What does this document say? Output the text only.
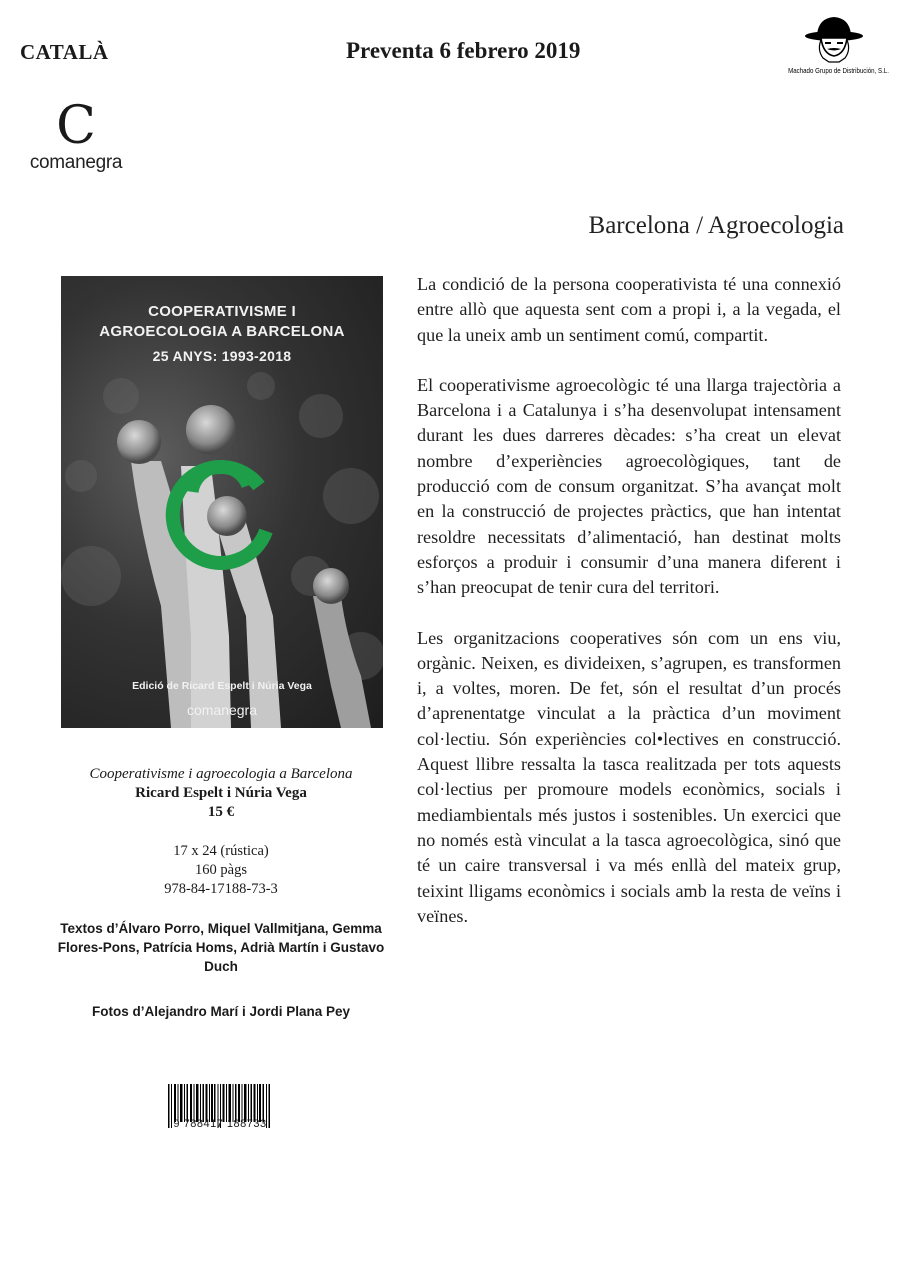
CATALÀ	Preventa 6 febrero 2019
Machado Grupo de Distribución, S.L.
C
comanegra
Barcelona / Agroecologia
COOPERATIVISME I
AGROECOLOGIA A BARCELONA
25 ANYS: 1993-2018
Edició de Ricard Espelt i Núria Vega
comanegra
Cooperativisme i agroecologia a Barcelona
Ricard Espelt i Núria Vega
15 €
17 x 24 (rústica)
160 pàgs
978-84-17188-73-3
Textos d’Álvaro Porro, Miquel Vallmitjana, Gemma Flores-Pons, Patrícia Homs, Adrià Martín i Gustavo Duch
Fotos d’Alejandro Marí i Jordi Plana Pey
9 788417 188733

La condició de la persona cooperativista té una connexió entre allò que aquesta sent com a propi i, a la vegada, el que la uneix amb un sentiment comú, compartit.

El cooperativisme agroecològic té una llarga trajectòria a Barcelona i a Catalunya i s’ha desenvolupat intensament durant les dues darreres dècades: s’ha creat un elevat nombre d’experiències agroecològiques, tant de producció com de consum organitzat. S’ha avançat molt en la construcció de projectes pràctics, que han intentat resoldre necessitats d’alimentació, han destinat molts esforços a produir i consumir d’una manera diferent i s’han preocupat de tenir cura del territori.

Les organitzacions cooperatives són com un ens viu, orgànic. Neixen, es divideixen, s’agrupen, es transformen i, a voltes, moren. De fet, són el resultat d’un procés d’aprenentatge vinculat a la pràctica d’un moviment col·lectiu. Són experiències col•lectives en construcció. Aquest llibre ressalta la tasca realitzada per tots aquests col·lectius per promoure models econòmics, socials i mediambientals més justos i sostenibles. Un exercici que no només està vinculat a la tasca agroecològica, sinó que té un caire transversal i va més enllà del mateix grup, teixint lligams econòmics i socials amb la resta de veïns i veïnes.
